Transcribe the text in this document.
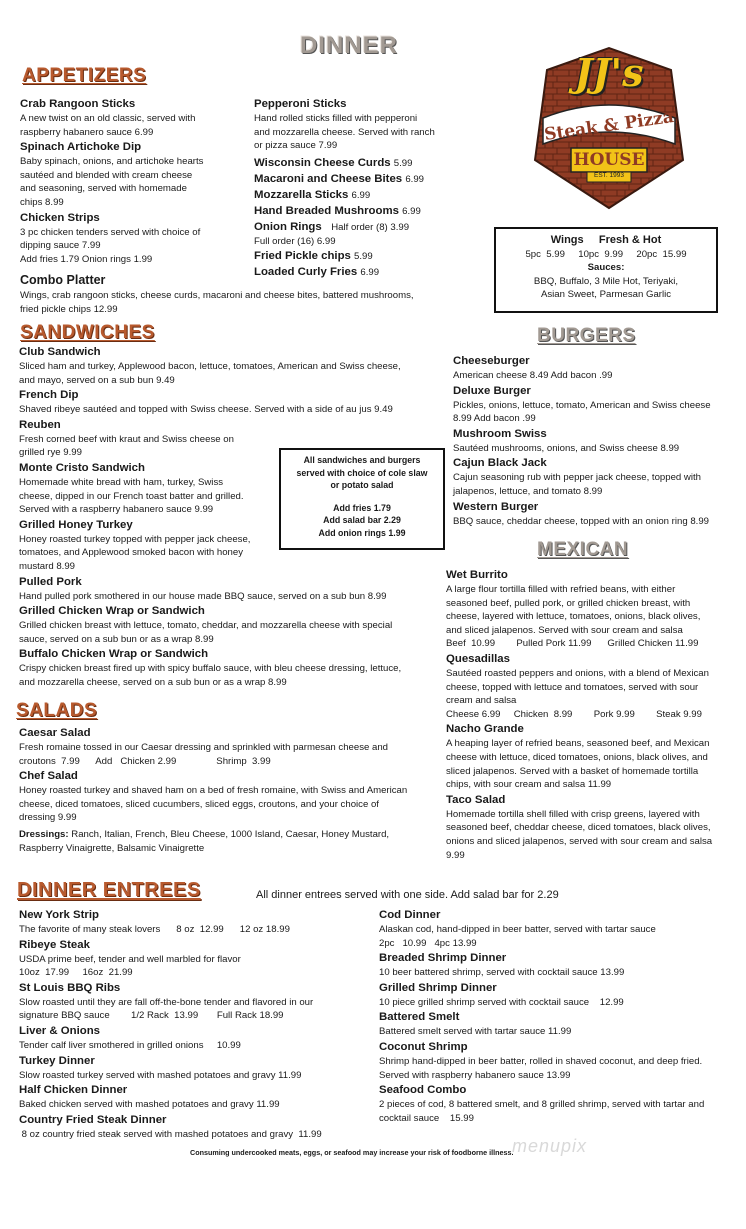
DINNER
JJ's
Steak & Pizza
HOUSE
EST. 1993
APPETIZERS
Crab Rangoon Sticks
A new twist on an old classic, served with
raspberry habanero sauce 6.99
Spinach Artichoke Dip
Baby spinach, onions, and artichoke hearts
sautéed and blended with cream cheese
and seasoning, served with homemade
chips 8.99
Chicken Strips
3 pc chicken tenders served with choice of
dipping sauce 7.99
Add fries 1.79 Onion rings 1.99
Combo Platter
Wings, crab rangoon sticks, cheese curds, macaroni and cheese bites, battered mushrooms,
fried pickle chips 12.99
Pepperoni Sticks
Hand rolled sticks filled with pepperoni
and mozzarella cheese. Served with ranch
or pizza sauce 7.99
Wisconsin Cheese Curds 5.99
Macaroni and Cheese Bites 6.99
Mozzarella Sticks 6.99
Hand Breaded Mushrooms 6.99
Onion Rings Half order (8) 3.99
Full order (16) 6.99
Fried Pickle chips 5.99
Loaded Curly Fries 6.99
Wings     Fresh & Hot
5pc  5.99     10pc  9.99     20pc  15.99
Sauces:
BBQ, Buffalo, 3 Mile Hot, Teriyaki,
Asian Sweet, Parmesan Garlic
SANDWICHES
Club Sandwich
Sliced ham and turkey, Applewood bacon, lettuce, tomatoes, American and Swiss cheese,
and mayo, served on a sub bun 9.49
French Dip
Shaved ribeye sautéed and topped with Swiss cheese. Served with a side of au jus 9.49
Reuben
Fresh corned beef with kraut and Swiss cheese on
grilled rye 9.99
Monte Cristo Sandwich
Homemade white bread with ham, turkey, Swiss
cheese, dipped in our French toast batter and grilled.
Served with a raspberry habanero sauce 9.99
Grilled Honey Turkey
Honey roasted turkey topped with pepper jack cheese,
tomatoes, and Applewood smoked bacon with honey
mustard 8.99
Pulled Pork
Hand pulled pork smothered in our house made BBQ sauce, served on a sub bun 8.99
Grilled Chicken Wrap or Sandwich
Grilled chicken breast with lettuce, tomato, cheddar, and mozzarella cheese with special
sauce, served on a sub bun or as a wrap 8.99
Buffalo Chicken Wrap or Sandwich
Crispy chicken breast fired up with spicy buffalo sauce, with bleu cheese dressing, lettuce,
and mozzarella cheese, served on a sub bun or as a wrap 8.99
All sandwiches and burgers
served with choice of cole slaw
or potato salad
Add fries 1.79
Add salad bar 2.29
Add onion rings 1.99
BURGERS
Cheeseburger
American cheese 8.49 Add bacon .99
Deluxe Burger
Pickles, onions, lettuce, tomato, American and Swiss cheese
8.99 Add bacon .99
Mushroom Swiss
Sautéed mushrooms, onions, and Swiss cheese 8.99
Cajun Black Jack
Cajun seasoning rub with pepper jack cheese, topped with
jalapenos, lettuce, and tomato 8.99
Western Burger
BBQ sauce, cheddar cheese, topped with an onion ring 8.99
MEXICAN
Wet Burrito
A large flour tortilla filled with refried beans, with either
seasoned beef, pulled pork, or grilled chicken breast, with
cheese, layered with lettuce, tomatoes, onions, black olives,
and sliced jalapenos. Served with sour cream and salsa
Beef  10.99        Pulled Pork 11.99      Grilled Chicken 11.99
Quesadillas
Sautéed roasted peppers and onions, with a blend of Mexican
cheese, topped with lettuce and tomatoes, served with sour
cream and salsa
Cheese 6.99     Chicken  8.99        Pork 9.99        Steak 9.99
Nacho Grande
A heaping layer of refried beans, seasoned beef, and Mexican
cheese with lettuce, diced tomatoes, onions, black olives, and
sliced jalapenos. Served with a basket of homemade tortilla
chips, with sour cream and salsa 11.99
Taco Salad
Homemade tortilla shell filled with crisp greens, layered with
seasoned beef, cheddar cheese, diced tomatoes, black olives,
onions and sliced jalapenos, served with sour cream and salsa
9.99
SALADS
Caesar Salad
Fresh romaine tossed in our Caesar dressing and sprinkled with parmesan cheese and
croutons  7.99      Add   Chicken 2.99               Shrimp  3.99
Chef Salad
Honey roasted turkey and shaved ham on a bed of fresh romaine, with Swiss and American
cheese, diced tomatoes, sliced cucumbers, sliced eggs, croutons, and your choice of
dressing 9.99
Dressings: Ranch, Italian, French, Bleu Cheese, 1000 Island, Caesar, Honey Mustard,
Raspberry Vinaigrette, Balsamic Vinaigrette
DINNER ENTREES	All dinner entrees served with one side. Add salad bar for 2.29
New York Strip
The favorite of many steak lovers      8 oz  12.99      12 oz 18.99
Ribeye Steak
USDA prime beef, tender and well marbled for flavor
10oz  17.99     16oz  21.99
St Louis BBQ Ribs
Slow roasted until they are fall off-the-bone tender and flavored in our
signature BBQ sauce        1/2 Rack  13.99       Full Rack 18.99
Liver & Onions
Tender calf liver smothered in grilled onions     10.99
Turkey Dinner
Slow roasted turkey served with mashed potatoes and gravy 11.99
Half Chicken Dinner
Baked chicken served with mashed potatoes and gravy 11.99
Country Fried Steak Dinner
8 oz country fried steak served with mashed potatoes and gravy  11.99
Cod Dinner
Alaskan cod, hand-dipped in beer batter, served with tartar sauce
2pc   10.99   4pc 13.99
Breaded Shrimp Dinner
10 beer battered shrimp, served with cocktail sauce 13.99
Grilled Shrimp Dinner
10 piece grilled shrimp served with cocktail sauce    12.99
Battered Smelt
Battered smelt served with tartar sauce 11.99
Coconut Shrimp
Shrimp hand-dipped in beer batter, rolled in shaved coconut, and deep fried.
Served with raspberry habanero sauce 13.99
Seafood Combo
2 pieces of cod, 8 battered smelt, and 8 grilled shrimp, served with tartar and
cocktail sauce    15.99
menupix
Consuming undercooked meats, eggs, or seafood may increase your risk of foodborne illness.
